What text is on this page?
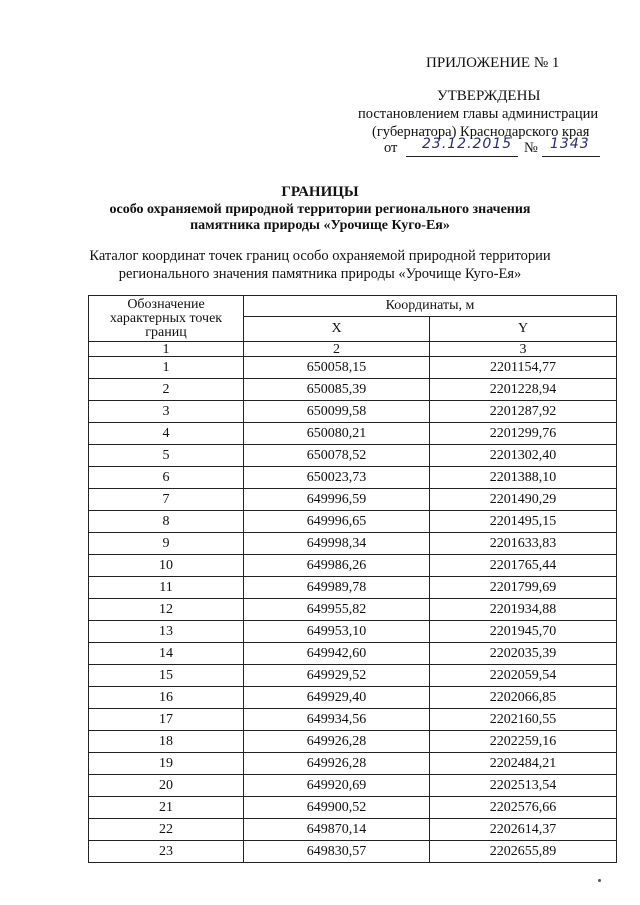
ПРИЛОЖЕНИЕ № 1
УТВЕРЖДЕНЫ
постановлением главы администрации
(губернатора) Краснодарского края
от 23.12.2015 № 1343
ГРАНИЦЫ
особо охраняемой природной территории регионального значения
памятника природы «Урочище Куго-Ея»
Каталог координат точек границ особо охраняемой природной территории
регионального значения памятника природы «Урочище Куго-Ея»
Обозначение характерных точек границ	Координаты, м	
	X	Y
1	2	3
1	650058,15	2201154,77
2	650085,39	2201228,94
3	650099,58	2201287,92
4	650080,21	2201299,76
5	650078,52	2201302,40
6	650023,73	2201388,10
7	649996,59	2201490,29
8	649996,65	2201495,15
9	649998,34	2201633,83
10	649986,26	2201765,44
11	649989,78	2201799,69
12	649955,82	2201934,88
13	649953,10	2201945,70
14	649942,60	2202035,39
15	649929,52	2202059,54
16	649929,40	2202066,85
17	649934,56	2202160,55
18	649926,28	2202259,16
19	649926,28	2202484,21
20	649920,69	2202513,54
21	649900,52	2202576,66
22	649870,14	2202614,37
23	649830,57	2202655,89
